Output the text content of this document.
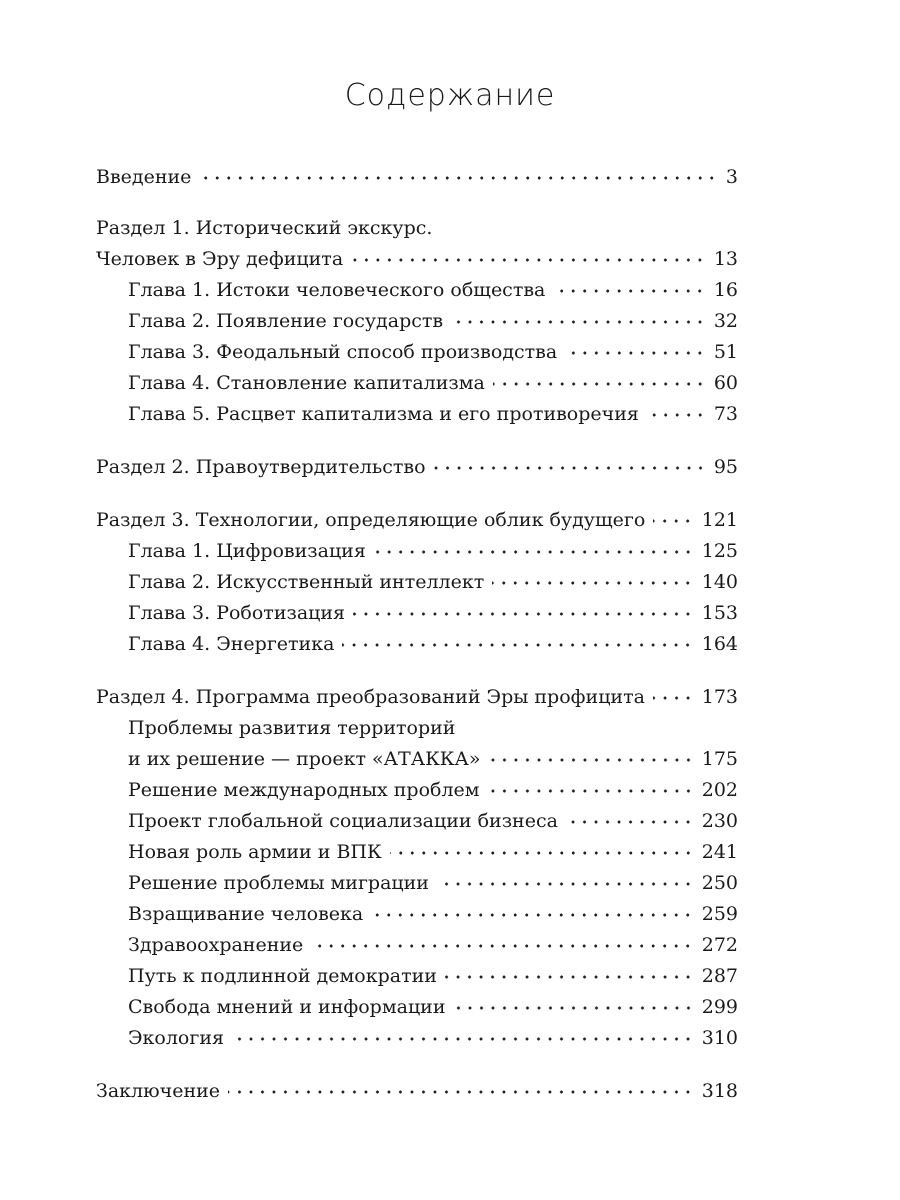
Содержание
Введение	3
Раздел 1. Исторический экскурс.
Человек в Эру дефицита	13
Глава 1. Истоки человеческого общества	16
Глава 2. Появление государств	32
Глава 3. Феодальный способ производства	51
Глава 4. Становление капитализма	60
Глава 5. Расцвет капитализма и его противоречия	73
Раздел 2. Правоутвердительство	95
Раздел 3. Технологии, определяющие облик будущего	121
Глава 1. Цифровизация	125
Глава 2. Искусственный интеллект	140
Глава 3. Роботизация	153
Глава 4. Энергетика	164
Раздел 4. Программа преобразований Эры профицита	173
Проблемы развития территорий
и их решение — проект «АТАККА»	175
Решение международных проблем	202
Проект глобальной социализации бизнеса	230
Новая роль армии и ВПК	241
Решение проблемы миграции	250
Взращивание человека	259
Здравоохранение	272
Путь к подлинной демократии	287
Свобода мнений и информации	299
Экология	310
Заключение	318
